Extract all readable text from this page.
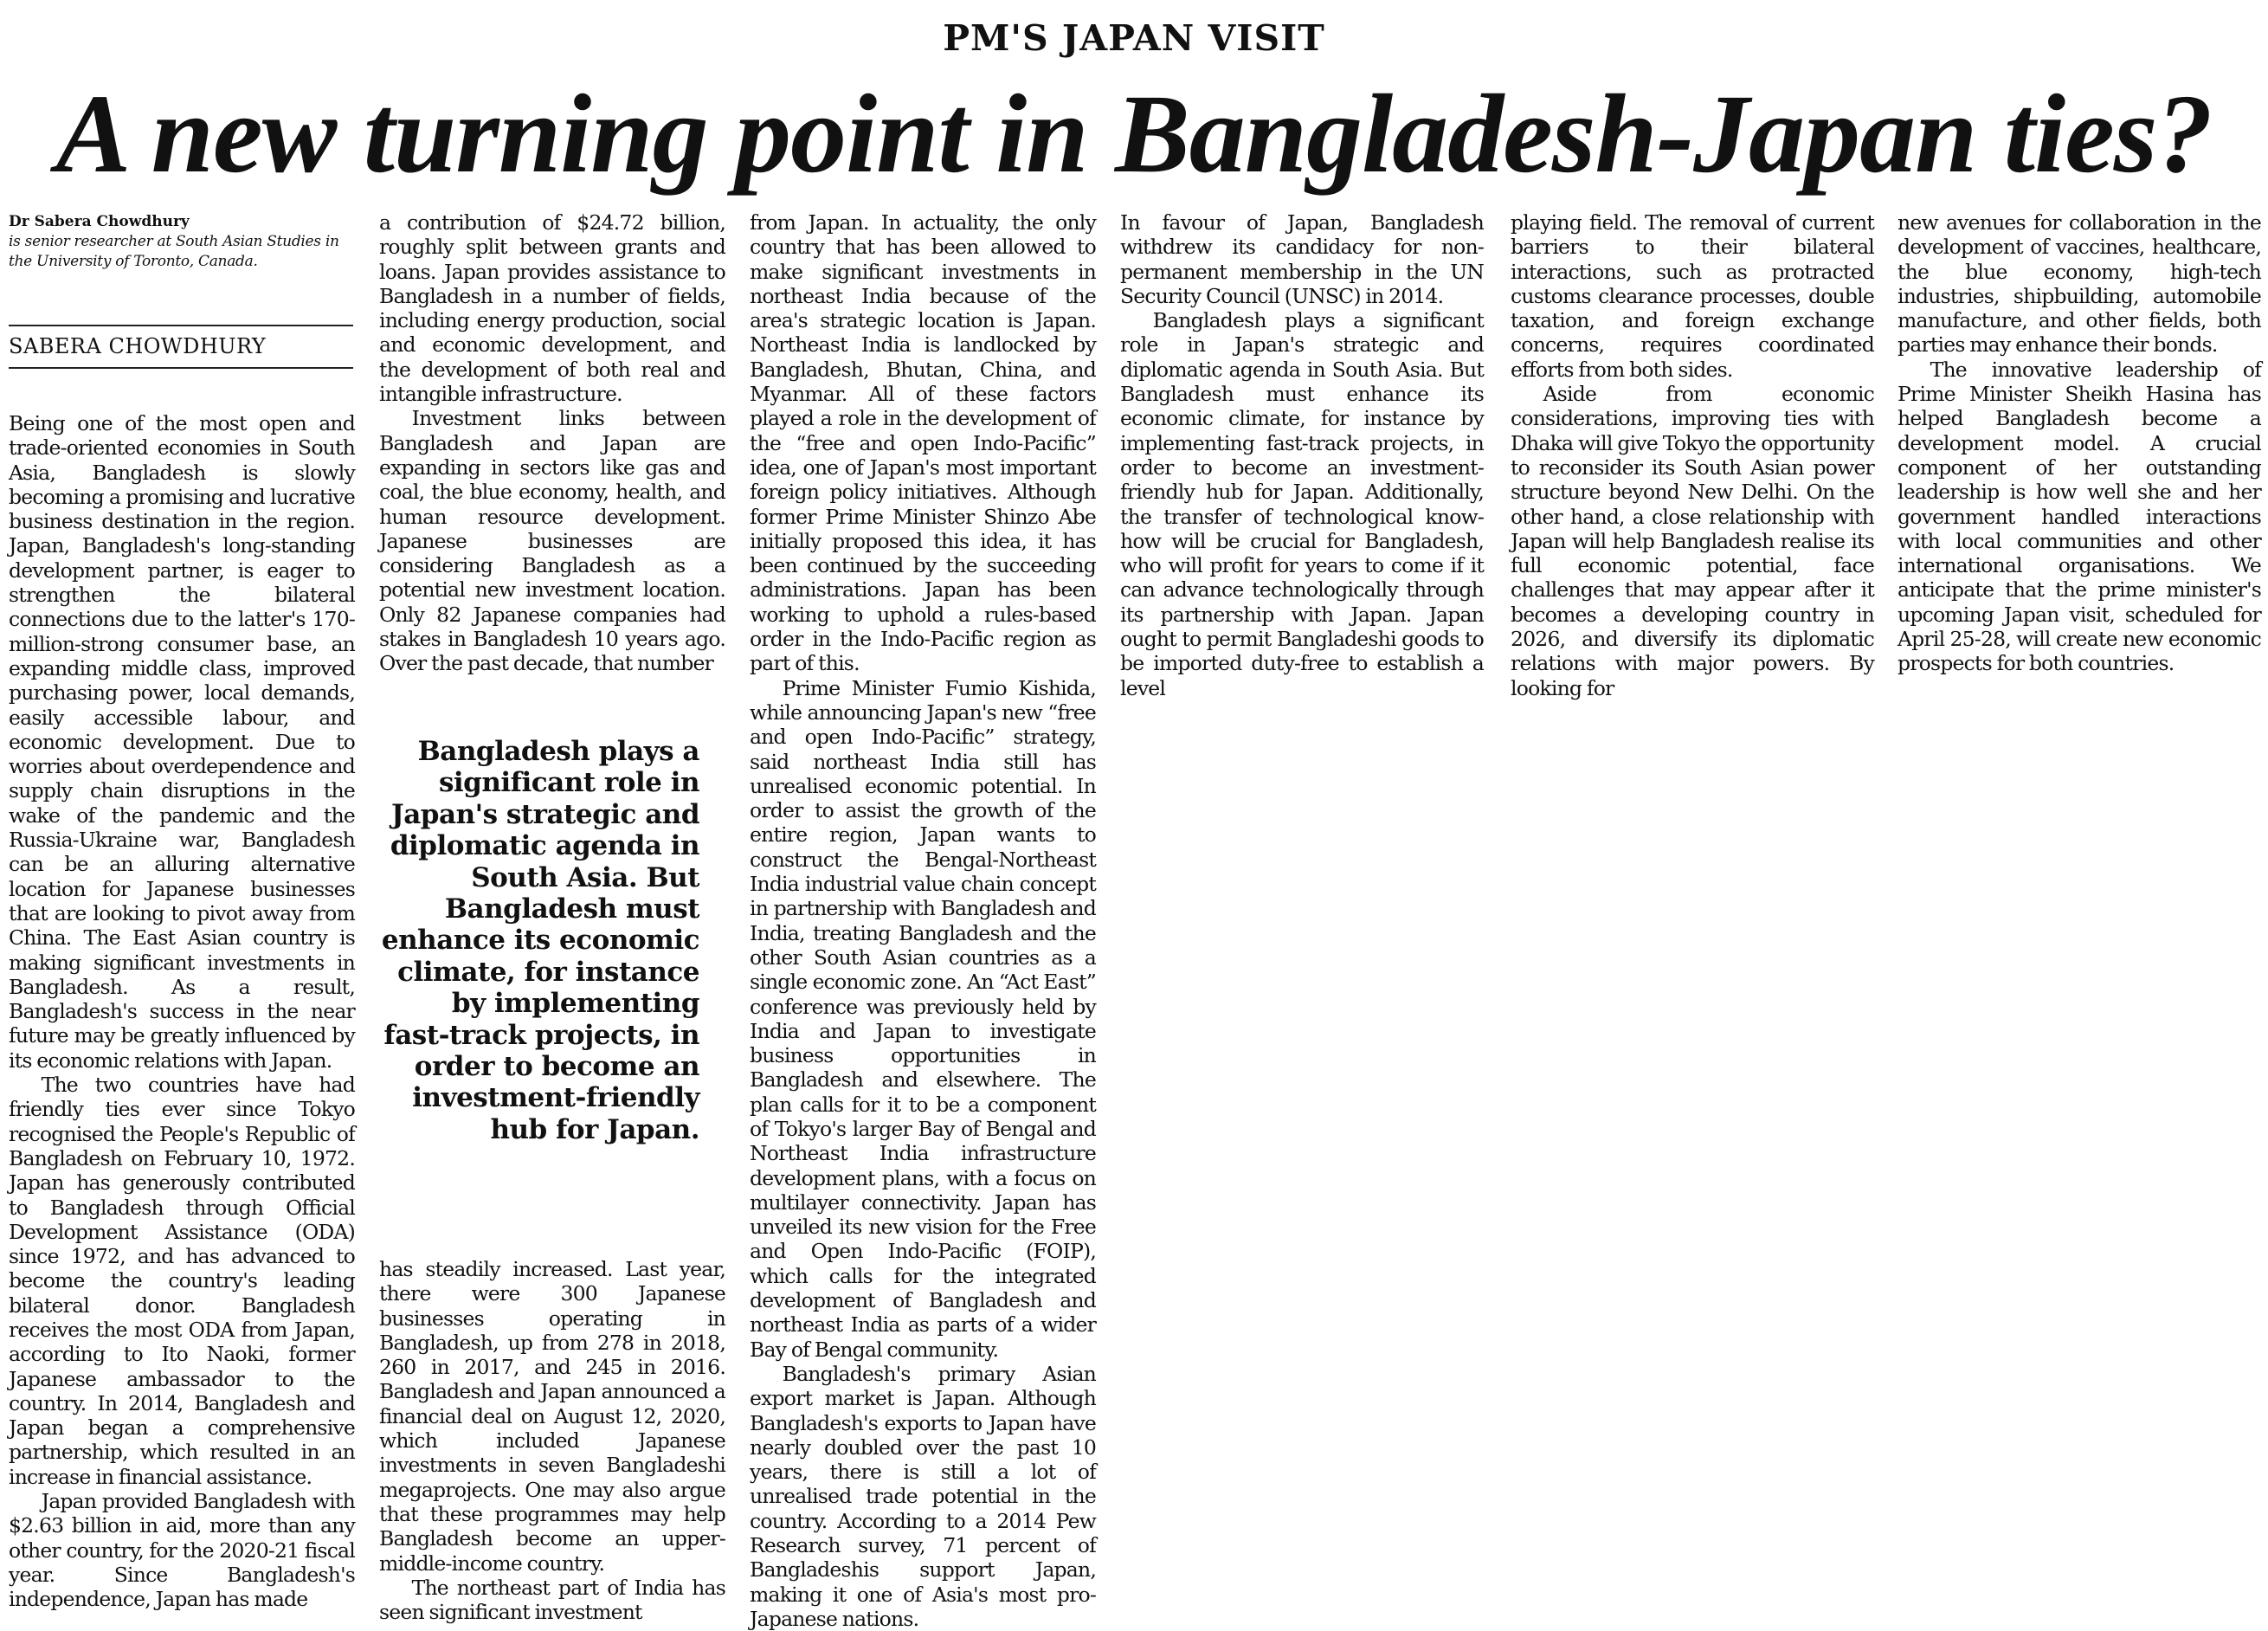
PM'S JAPAN VISIT
A new turning point in Bangladesh-Japan ties?

Dr Sabera Chowdhury

is senior researcher at South Asian Studies in the University of Toronto, Canada.

SABERA CHOWDHURY

Being one of the most open and trade-oriented economies in South Asia, Bangladesh is slowly becoming a promising and lucrative business destination in the region. Japan, Bangladesh's long-standing development partner, is eager to strengthen the bilateral connections due to the latter's 170-million-strong consumer base, an expanding middle class, improved purchasing power, local demands, easily accessible labour, and economic development. Due to worries about overdependence and supply chain disruptions in the wake of the pandemic and the Russia-Ukraine war, Bangladesh can be an alluring alternative location for Japanese businesses that are looking to pivot away from China. The East Asian country is making significant investments in Bangladesh. As a result, Bangladesh's success in the near future may be greatly influenced by its economic relations with Japan.

The two countries have had friendly ties ever since Tokyo recognised the People's Republic of Bangladesh on February 10, 1972. Japan has generously contributed to Bangladesh through Official Development Assistance (ODA) since 1972, and has advanced to become the country's leading bilateral donor. Bangladesh receives the most ODA from Japan, according to Ito Naoki, former Japanese ambassador to the country. In 2014, Bangladesh and Japan began a comprehensive partnership, which resulted in an increase in financial assistance.

Japan provided Bangladesh with $2.63 billion in aid, more than any other country, for the 2020-21 fiscal year. Since Bangladesh's independence, Japan has made

a contribution of $24.72 billion, roughly split between grants and loans. Japan provides assistance to Bangladesh in a number of fields, including energy production, social and economic development, and the development of both real and intangible infrastructure.

Investment links between Bangladesh and Japan are expanding in sectors like gas and coal, the blue economy, health, and human resource development. Japanese businesses are considering Bangladesh as a potential new investment location. Only 82 Japanese companies had stakes in Bangladesh 10 years ago. Over the past decade, that number

Bangladesh plays a significant role in Japan's strategic and diplomatic agenda in South Asia. But Bangladesh must enhance its economic climate, for instance by implementing fast-track projects, in order to become an investment-friendly hub for Japan.

has steadily increased. Last year, there were 300 Japanese businesses operating in Bangladesh, up from 278 in 2018, 260 in 2017, and 245 in 2016. Bangladesh and Japan announced a financial deal on August 12, 2020, which included Japanese investments in seven Bangladeshi megaprojects. One may also argue that these programmes may help Bangladesh become an upper-middle-income country.

The northeast part of India has seen significant investment

from Japan. In actuality, the only country that has been allowed to make significant investments in northeast India because of the area's strategic location is Japan. Northeast India is landlocked by Bangladesh, Bhutan, China, and Myanmar. All of these factors played a role in the development of the “free and open Indo-Pacific” idea, one of Japan's most important foreign policy initiatives. Although former Prime Minister Shinzo Abe initially proposed this idea, it has been continued by the succeeding administrations. Japan has been working to uphold a rules-based order in the Indo-Pacific region as part of this.

Prime Minister Fumio Kishida, while announcing Japan's new “free and open Indo-Pacific” strategy, said northeast India still has unrealised economic potential. In order to assist the growth of the entire region, Japan wants to construct the Bengal-Northeast India industrial value chain concept in partnership with Bangladesh and India, treating Bangladesh and the other South Asian countries as a single economic zone. An “Act East” conference was previously held by India and Japan to investigate business opportunities in Bangladesh and elsewhere. The plan calls for it to be a component of Tokyo's larger Bay of Bengal and Northeast India infrastructure development plans, with a focus on multilayer connectivity. Japan has unveiled its new vision for the Free and Open Indo-Pacific (FOIP), which calls for the integrated development of Bangladesh and northeast India as parts of a wider Bay of Bengal community.

Bangladesh's primary Asian export market is Japan. Although Bangladesh's exports to Japan have nearly doubled over the past 10 years, there is still a lot of unrealised trade potential in the country. According to a 2014 Pew Research survey, 71 percent of Bangladeshis support Japan, making it one of Asia's most pro-Japanese nations.

In favour of Japan, Bangladesh withdrew its candidacy for non-permanent membership in the UN Security Council (UNSC) in 2014.

Bangladesh plays a significant role in Japan's strategic and diplomatic agenda in South Asia. But Bangladesh must enhance its economic climate, for instance by implementing fast-track projects, in order to become an investment-friendly hub for Japan. Additionally, the transfer of technological know-how will be crucial for Bangladesh, who will profit for years to come if it can advance technologically through its partnership with Japan. Japan ought to permit Bangladeshi goods to be imported duty-free to establish a level

playing field. The removal of current barriers to their bilateral interactions, such as protracted customs clearance processes, double taxation, and foreign exchange concerns, requires coordinated efforts from both sides.

Aside from economic considerations, improving ties with Dhaka will give Tokyo the opportunity to reconsider its South Asian power structure beyond New Delhi. On the other hand, a close relationship with Japan will help Bangladesh realise its full economic potential, face challenges that may appear after it becomes a developing country in 2026, and diversify its diplomatic relations with major powers. By looking for

new avenues for collaboration in the development of vaccines, healthcare, the blue economy, high-tech industries, shipbuilding, automobile manufacture, and other fields, both parties may enhance their bonds.

The innovative leadership of Prime Minister Sheikh Hasina has helped Bangladesh become a development model. A crucial component of her outstanding leadership is how well she and her government handled interactions with local communities and other international organisations. We anticipate that the prime minister's upcoming Japan visit, scheduled for April 25-28, will create new economic prospects for both countries.
